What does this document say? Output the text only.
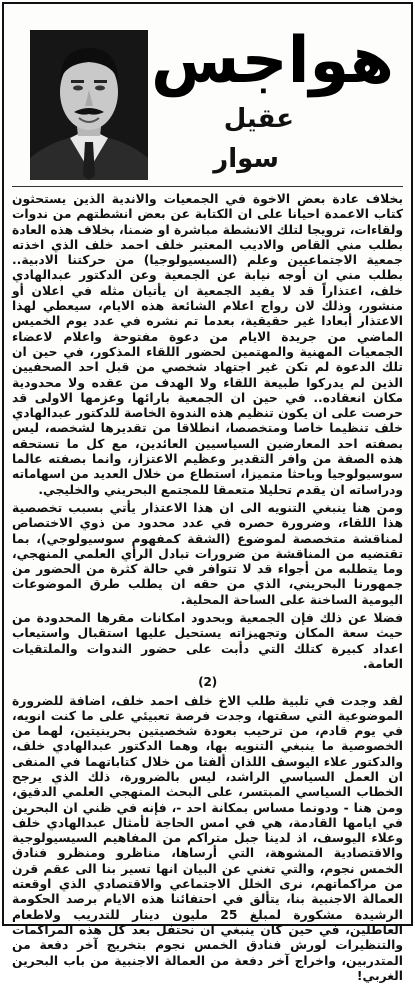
هواجس
عقيل
سوار

بخلاف عادة بعض الاخوة في الجمعيات والاندية الذين يستحثون كتاب الاعمدة احيانا على ان الكتابة عن بعض انشطتهم من ندوات ولقاءات، ترويجا لتلك الانشطة مباشرة او ضمنا، بخلاف هذه العادة بطلب مني القاص والاديب المعتبر خلف احمد خلف الذي اخذته جمعية الاجتماعيين وعلم (السيسيولوجيا) من حركتنا الادبية.. بطلب مني ان أوجه نيابة عن الجمعية وعن الدكتور عبدالهادي خلف، اعتذاراً قد لا يفيد الجمعية ان يأتيان مثله في اعلان أو منشور، وذلك لان رواج اعلام الشائعة هذه الايام، سيعطي لهذا الاعتذار أبعادا غير حقيقية، بعدما تم نشره في عدد يوم الخميس الماضي من جريدة الايام من دعوة مفتوحة واعلام لاعضاء الجمعيات المهنية والمهتمين لحضور اللقاء المذكور، في حين ان تلك الدعوة لم تكن غير اجتهاد شخصي من قبل احد الصحفيين الذين لم يدركوا طبيعة اللقاء ولا الهدف من عقده ولا محدودية مكان انعقاده.. في حين ان الجمعية بارائها وعزمها الاولى قد حرصت على ان يكون تنظيم هذه الندوة الخاصة للدكتور عبدالهادي خلف تنظيما خاصا ومتخصصا، انطلاقا من تقديرها لشخصه، ليس بصفته احد المعارضين السياسيين العائدين، مع كل ما تستحقه هذه الصفة من وافر التقدير وعظيم الاعتزاز، وانما بصفته عالما سوسيولوجيا وباحثا متميزا، استطاع من خلال العديد من اسهاماته ودراساته ان يقدم تحليلا متعمقا للمجتمع البحريني والخليجي.

ومن هنا ينبغي التنويه الى ان هذا الاعتذار يأتي بسبب تخصصية هذا اللقاء، وضرورة حصره في عدد محدود من ذوي الاختصاص لمناقشة متخصصة لموضوع (الشقة كمفهوم سوسيولوجي)، بما تقتضيه من المناقشة من ضرورات تبادل الرأي العلمي المنهجي، وما يتطلبه من أجواء قد لا تتوافر في حالة كثرة من الحضور من جمهورنا البحريني، الذي من حقه ان يطلب طرق الموضوعات اليومية الساخنة على الساحة المحلية.

فضلا عن ذلك فإن الجمعية وبحدود امكانات مقرها المحدودة من حيث سعة المكان وتجهيزاته يستحيل عليها استقبال واستيعاب اعداد كبيرة كتلك التي دأبت على حضور الندوات والملتقيات العامة.

(2)

لقد وجدت في تلبية طلب الاخ خلف احمد خلف، اضافة للضرورة الموضوعية التي سقتها، وجدت فرصة تعبيئي على ما كنت انويه، في يوم قادم، من ترحيب بعودة شخصيتين بحرينيتين، لهما من الخصوصية ما ينبغي التنويه بها، وهما الدكتور عبدالهادي خلف، والدكتور علاء اليوسف اللذان ألفتا من خلال كتاباتهما في المنفى ان العمل السياسي الراشد، ليس بالضرورة، ذلك الذي يرجح الخطاب السياسي المبتسر، على البحث المنهجي العلمي الدقيق، ومن هنا - ودونما مساس بمكانة احد -، فإنه في ظني ان البحرين في ايامها القادمة، هي في امس الحاجة لأمثال عبدالهادي خلف وعلاء اليوسف، اذ لدينا جبل متراكم من المفاهيم السيسيولوجية والاقتصادية المشوهة، التي أرساها، مناظرو ومنظرو فنادق الخمس نجوم، والتي تغني عن البيان انها تسير بنا الى عقم قرن من مراكماتهم، نرى الخلل الاجتماعي والاقتصادي الذي اوقعته العمالة الاجنبية بنا، يتألق في احتفائنا هذه الايام برصد الحكومة الرشيدة مشكورة لمبلغ 25 مليون دينار للتدريب ولاطعام العاطلين، في حين كان ينبغي ان نحتفل بعد كل هذه المراكمات والتنظيرات لورش فنادق الخمس نجوم بتخريج آخر دفعة من المتدربين، واخراج آخر دفعة من العمالة الاجنبية من باب البحرين الغربي!
